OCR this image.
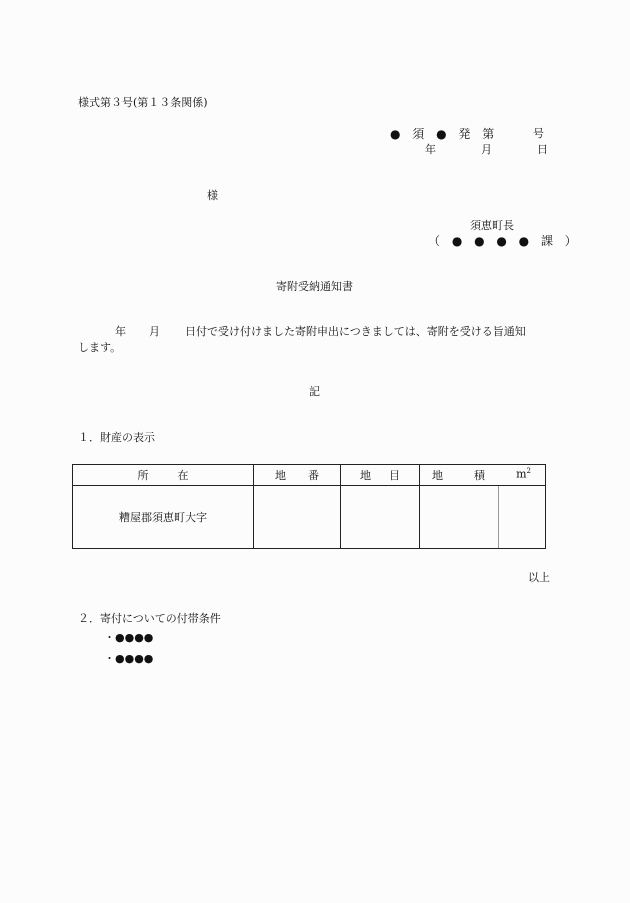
様式第３号(第１３条関係)
● 須 ● 発 第	号
年	月	日
様
須恵町長
（ ● ● ● ● 課 ）
寄附受納通知書
年 月 日付で受け付けました寄附申出につきましては、寄附を受ける旨通知
します。
記
１．財産の表示
所 在	地 番	地 目	地 積 $m^2$

糟屋郡須恵町大字			
以上
２．寄付についての付帯条件
・●●●●
・●●●●
